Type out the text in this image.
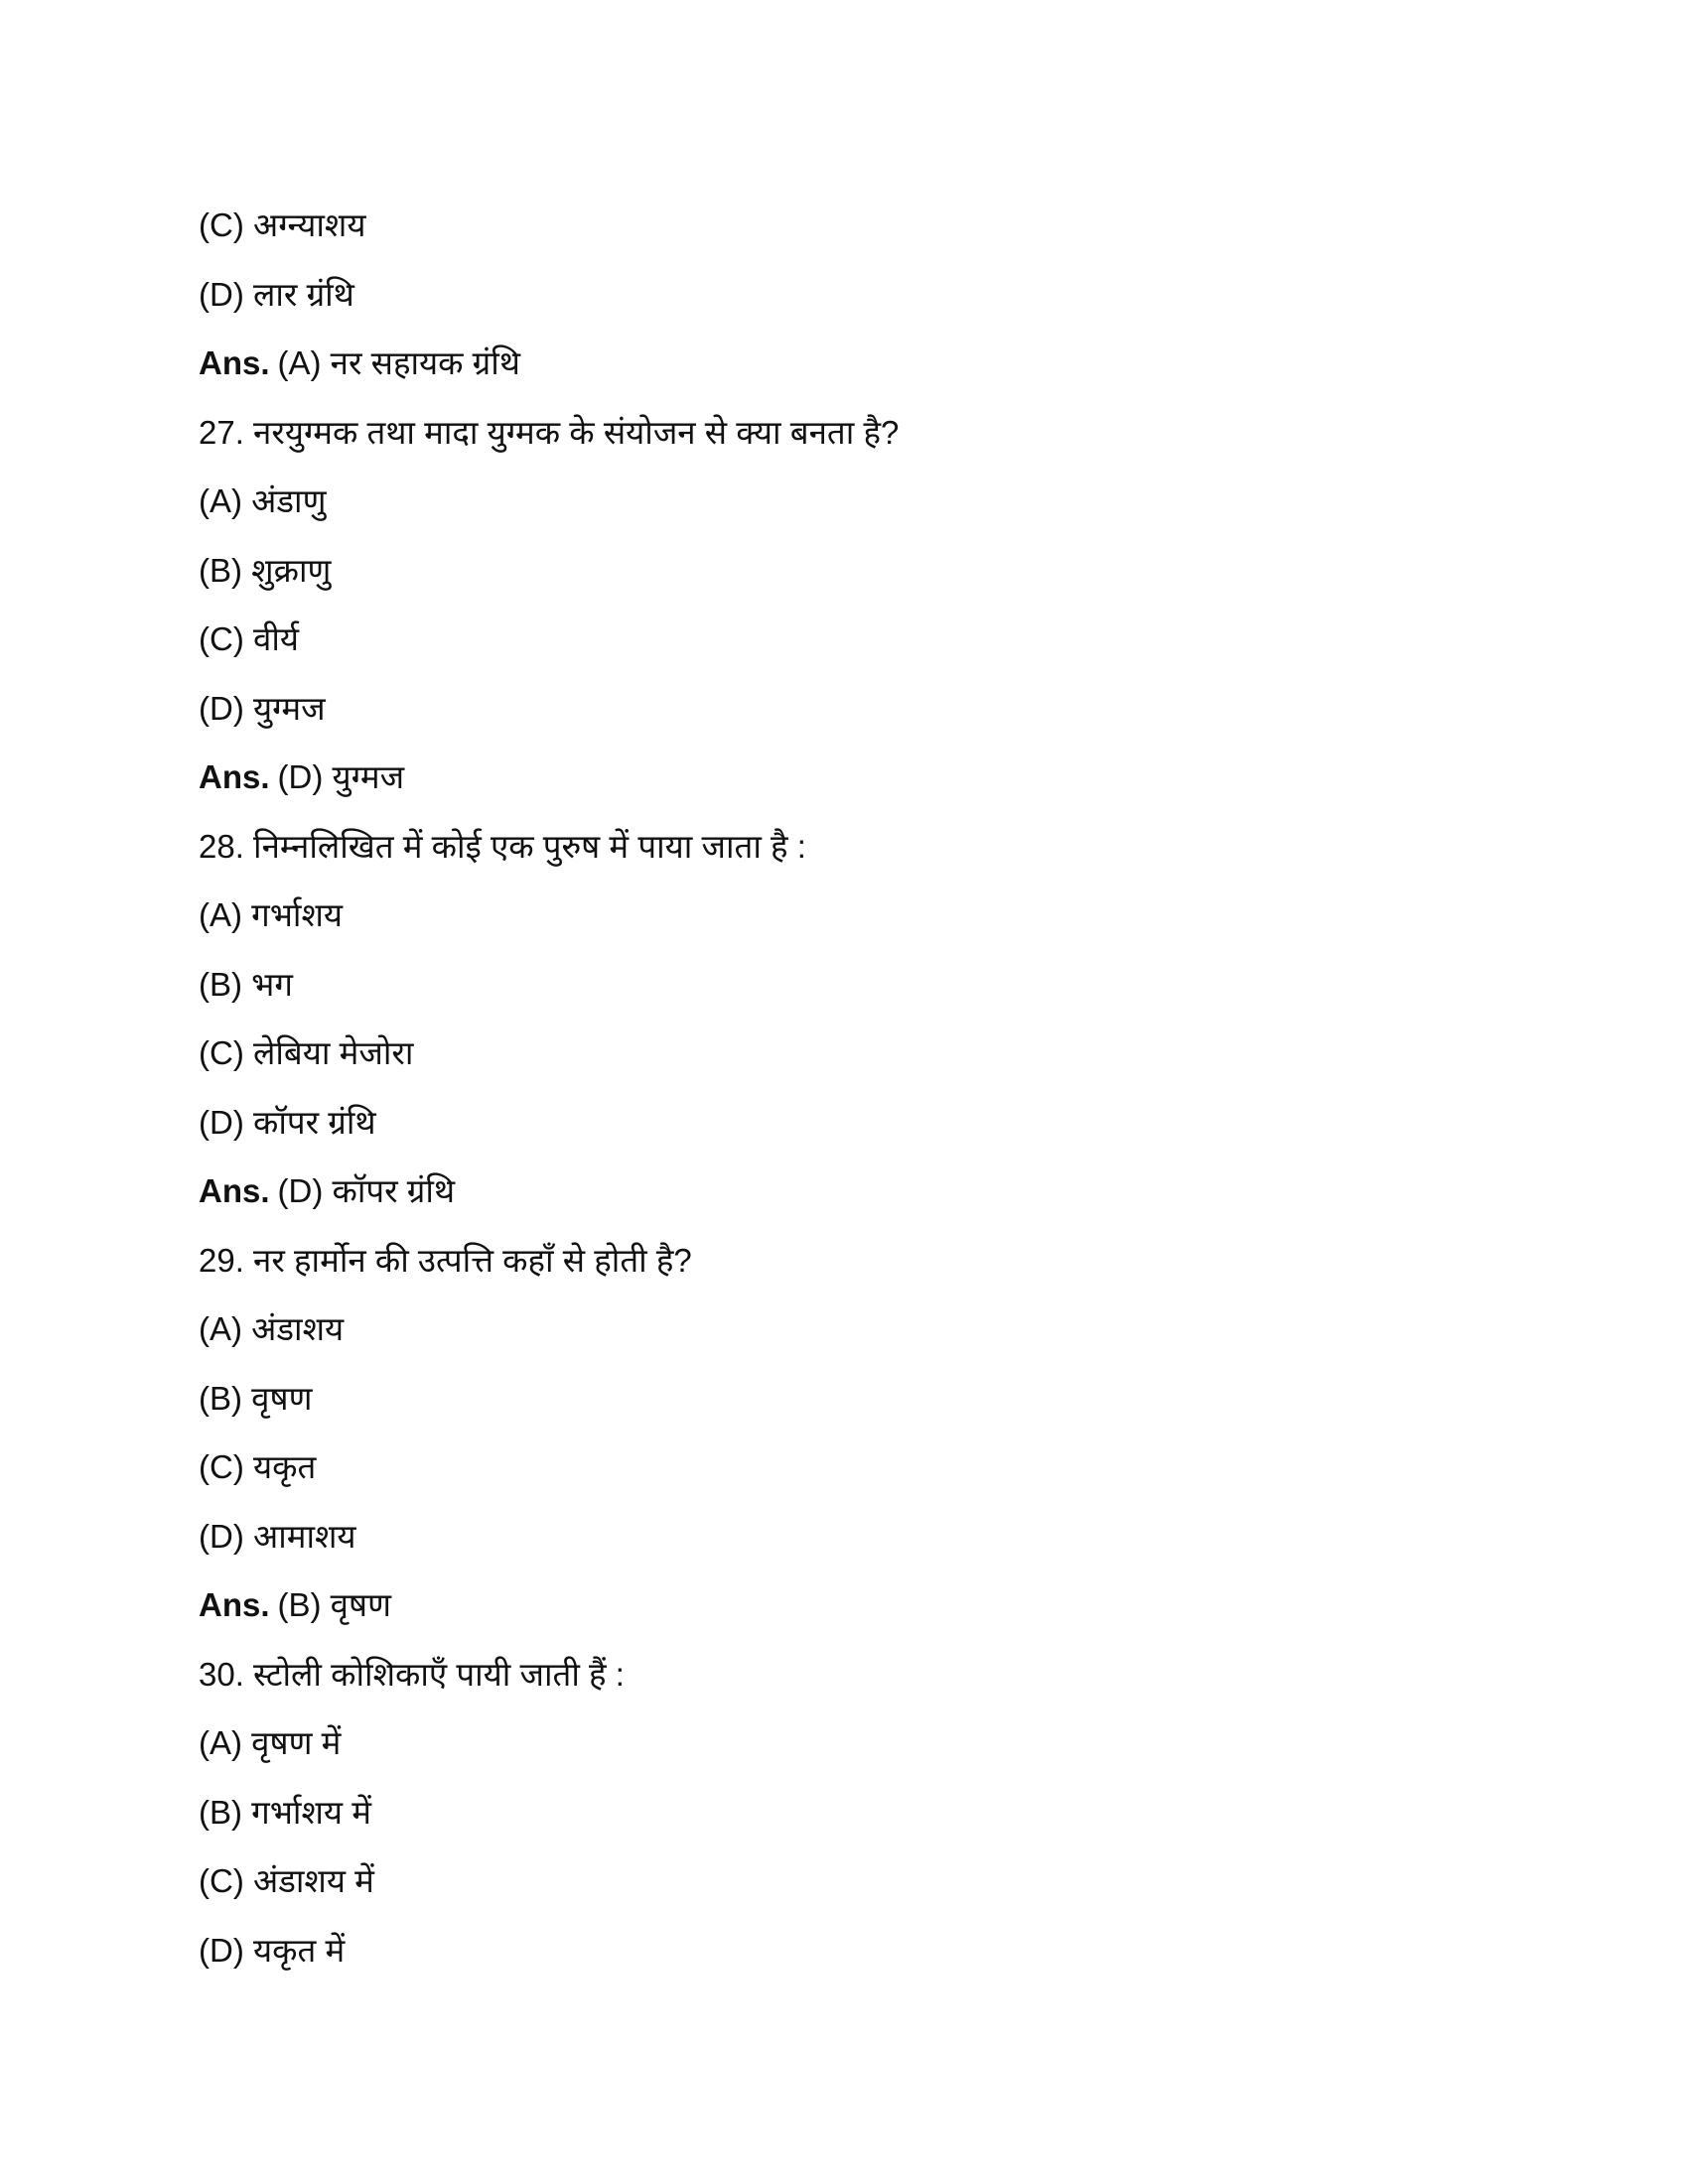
(C) अग्न्याशय
(D) लार ग्रंथि
Ans. (A) नर सहायक ग्रंथि
27. नरयुग्मक तथा मादा युग्मक के संयोजन से क्या बनता है?
(A) अंडाणु
(B) शुक्राणु
(C) वीर्य
(D) युग्मज
Ans. (D) युग्मज
28. निम्नलिखित में कोई एक पुरुष में पाया जाता है :
(A) गर्भाशय
(B) भग
(C) लेबिया मेजोरा
(D) कॉपर ग्रंथि
Ans. (D) कॉपर ग्रंथि
29. नर हार्मोन की उत्पत्ति कहाँ से होती है?
(A) अंडाशय
(B) वृषण
(C) यकृत
(D) आमाशय
Ans. (B) वृषण
30. स्टोली कोशिकाएँ पायी जाती हैं :
(A) वृषण में
(B) गर्भाशय में
(C) अंडाशय में
(D) यकृत में
